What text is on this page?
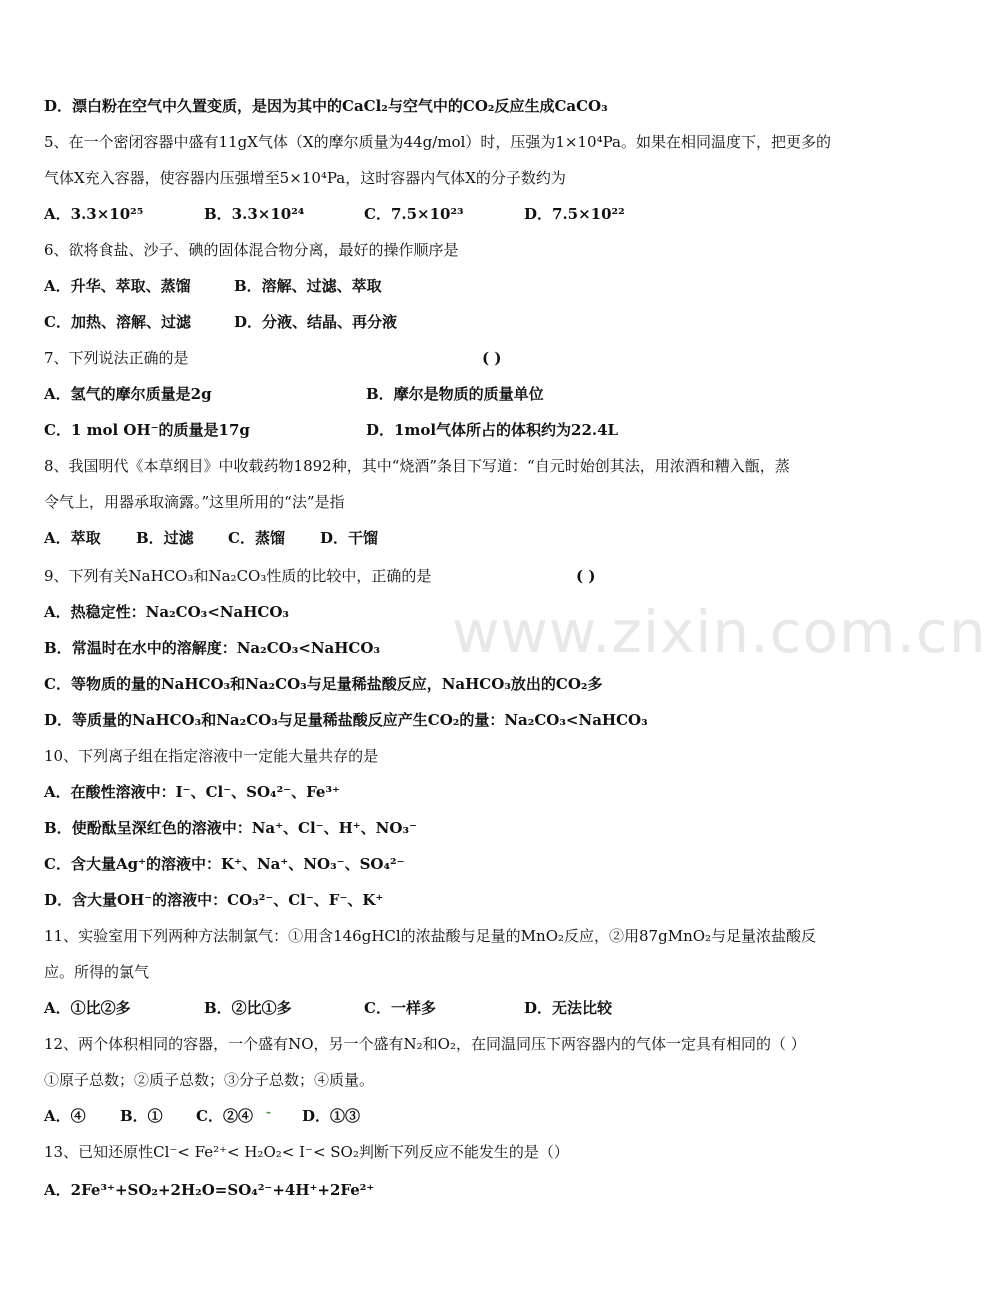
www.zixin.com.cn
D．漂白粉在空气中久置变质，是因为其中的CaCl₂与空气中的CO₂反应生成CaCO₃
5、在一个密闭容器中盛有11gX气体（X的摩尔质量为44g/mol）时，压强为1×10⁴Pa。如果在相同温度下，把更多的
气体X充入容器，使容器内压强增至5×10⁴Pa，这时容器内气体X的分子数约为
A．3.3×10²⁵	B．3.3×10²⁴	C．7.5×10²³	D．7.5×10²²
6、欲将食盐、沙子、碘的固体混合物分离，最好的操作顺序是
A．升华、萃取、蒸馏	B．溶解、过滤、萃取
C．加热、溶解、过滤	D．分液、结晶、再分液
7、下列说法正确的是	( )
A．氢气的摩尔质量是2g	B．摩尔是物质的质量单位
C．1 mol OH⁻的质量是17g	D．1mol气体所占的体积约为22.4L
8、我国明代《本草纲目》中收载药物1892种，其中“烧酒”条目下写道：“自元时始创其法，用浓酒和糟入甑，蒸
令气上，用器承取滴露。”这里所用的“法”是指
A．萃取 B．过滤 C．蒸馏 D．干馏
9、下列有关NaHCO₃和Na₂CO₃性质的比较中，正确的是	( )
A．热稳定性：Na₂CO₃<NaHCO₃
B．常温时在水中的溶解度：Na₂CO₃<NaHCO₃
C．等物质的量的NaHCO₃和Na₂CO₃与足量稀盐酸反应，NaHCO₃放出的CO₂多
D．等质量的NaHCO₃和Na₂CO₃与足量稀盐酸反应产生CO₂的量：Na₂CO₃<NaHCO₃
10、下列离子组在指定溶液中一定能大量共存的是
A．在酸性溶液中：I⁻、Cl⁻、SO₄²⁻、Fe³⁺
B．使酚酞呈深红色的溶液中：Na⁺、Cl⁻、H⁺、NO₃⁻
C．含大量Ag⁺的溶液中：K⁺、Na⁺、NO₃⁻、SO₄²⁻
D．含大量OH⁻的溶液中：CO₃²⁻、Cl⁻、F⁻、K⁺
11、实验室用下列两种方法制氯气：①用含146gHCl的浓盐酸与足量的MnO₂反应，②用87gMnO₂与足量浓盐酸反
应。所得的氯气
A．①比②多	B．②比①多	C．一样多	D．无法比较
12、两个体积相同的容器，一个盛有NO，另一个盛有N₂和O₂，在同温同压下两容器内的气体一定具有相同的（ ）
①原子总数；②质子总数；③分子总数；④质量。
A．④ B．① C．②④ - D．①③
13、已知还原性Cl⁻< Fe²⁺< H₂O₂< I⁻< SO₂判断下列反应不能发生的是（）
A．2Fe³⁺+SO₂+2H₂O=SO₄²⁻+4H⁺+2Fe²⁺
